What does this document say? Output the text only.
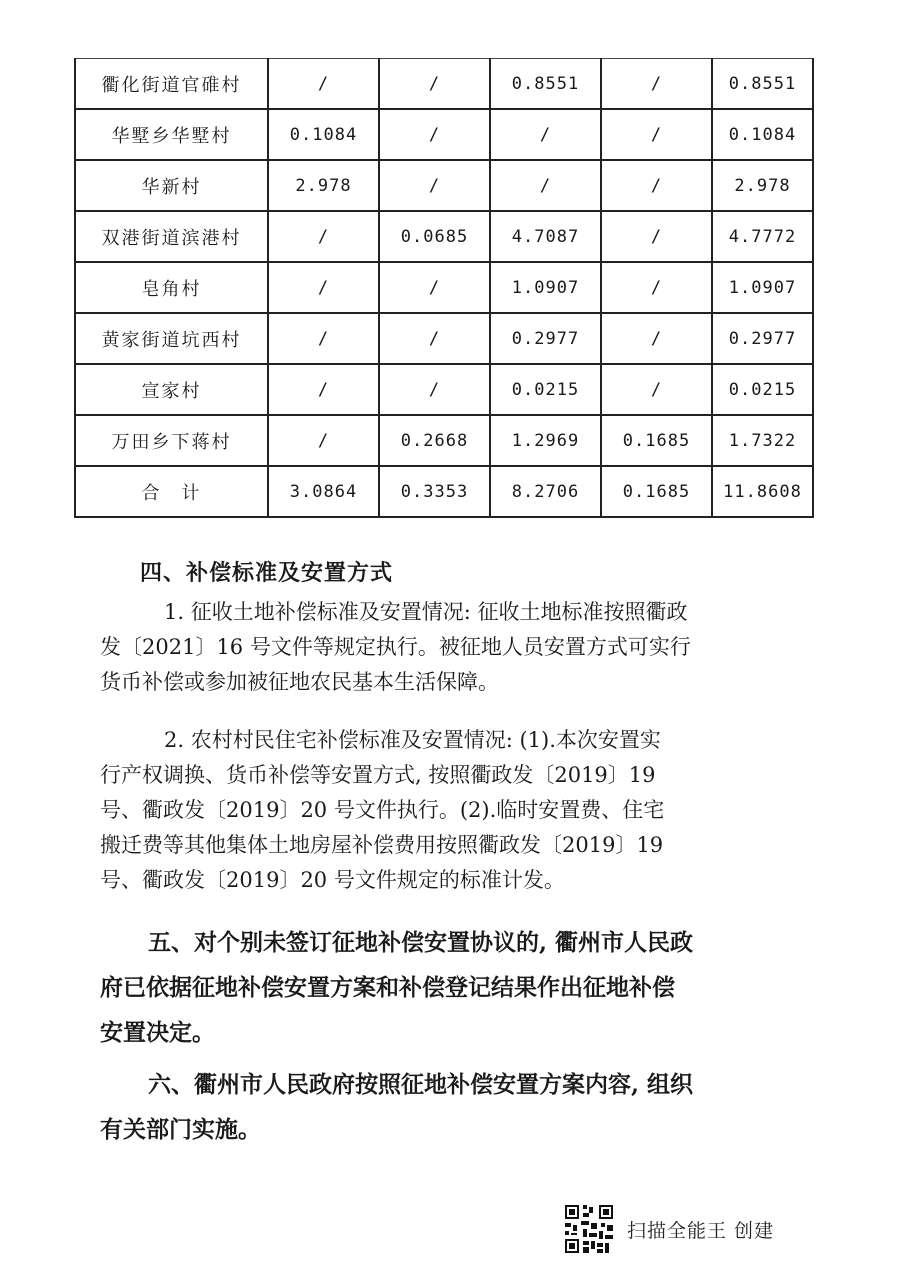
衢化街道官碓村	/	/	0.8551	/	0.8551
华墅乡华墅村	0.1084	/	/	/	0.1084
华新村	2.978	/	/	/	2.978
双港街道滨港村	/	0.0685	4.7087	/	4.7772
皂角村	/	/	1.0907	/	1.0907
黄家街道坑西村	/	/	0.2977	/	0.2977
宣家村	/	/	0.0215	/	0.0215
万田乡下蒋村	/	0.2668	1.2969	0.1685	1.7322
合　计	3.0864	0.3353	8.2706	0.1685	11.8608
四、补偿标准及安置方式
1. 征收土地补偿标准及安置情况: 征收土地标准按照衢政
发〔2021〕16 号文件等规定执行。被征地人员安置方式可实行
货币补偿或参加被征地农民基本生活保障。
2. 农村村民住宅补偿标准及安置情况: (1).本次安置实
行产权调换、货币补偿等安置方式, 按照衢政发〔2019〕19
号、衢政发〔2019〕20 号文件执行。(2).临时安置费、住宅
搬迁费等其他集体土地房屋补偿费用按照衢政发〔2019〕19
号、衢政发〔2019〕20 号文件规定的标准计发。
五、对个别未签订征地补偿安置协议的, 衢州市人民政
府已依据征地补偿安置方案和补偿登记结果作出征地补偿
安置决定。
六、衢州市人民政府按照征地补偿安置方案内容, 组织
有关部门实施。
扫描全能王 创建
